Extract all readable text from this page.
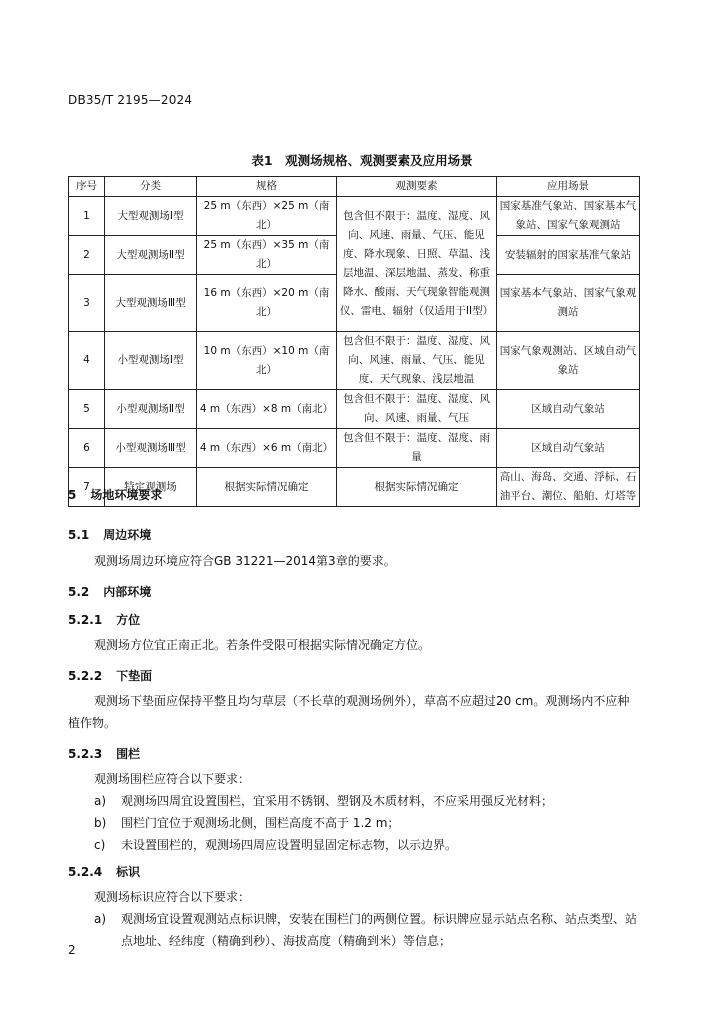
DB35/T 2195—2024
表1　观测场规格、观测要素及应用场景
序号	分类	规格	观测要素	应用场景
1	大型观测场Ⅰ型	25 m（东西）×25 m（南北）	包含但不限于：温度、湿度、风向、风速、雨量、气压、能见度、降水现象、日照、草温、浅层地温、深层地温、蒸发、称重降水、酸雨、天气现象智能观测仪、雷电、辐射（仅适用于II型）	国家基准气象站、国家基本气象站、国家气象观测站
2	大型观测场Ⅱ型	25 m（东西）×35 m（南北）		安装辐射的国家基准气象站
3	大型观测场Ⅲ型	16 m（东西）×20 m（南北）		国家基本气象站、国家气象观测站
4	小型观测场Ⅰ型	10 m（东西）×10 m（南北）	包含但不限于：温度、湿度、风向、风速、雨量、气压、能见度、天气现象、浅层地温	国家气象观测站、区域自动气象站
5	小型观测场Ⅱ型	4 m（东西）×8 m（南北）	包含但不限于：温度、湿度、风向、风速、雨量、气压	区域自动气象站
6	小型观测场Ⅲ型	4 m（东西）×6 m（南北）	包含但不限于：温度、湿度、雨量	区域自动气象站
7	特定观测场	根据实际情况确定	根据实际情况确定	高山、海岛、交通、浮标、石油平台、潮位、船舶、灯塔等
5 场地环境要求
5.1 周边环境
观测场周边环境应符合GB 31221—2014第3章的要求。
5.2 内部环境
5.2.1 方位
观测场方位宜正南正北。若条件受限可根据实际情况确定方位。
5.2.2 下垫面
观测场下垫面应保持平整且均匀草层（不长草的观测场例外），草高不应超过20 cm。观测场内不应种植作物。
5.2.3 围栏
观测场围栏应符合以下要求：
a)	观测场四周宜设置围栏，宜采用不锈钢、塑钢及木质材料，不应采用强反光材料；
b)	围栏门宜位于观测场北侧，围栏高度不高于 1.2 m；
c)	未设置围栏的，观测场四周应设置明显固定标志物，以示边界。
5.2.4 标识
观测场标识应符合以下要求：
a)	观测场宜设置观测站点标识牌，安装在围栏门的两侧位置。标识牌应显示站点名称、站点类型、站点地址、经纬度（精确到秒）、海拔高度（精确到米）等信息；
2
